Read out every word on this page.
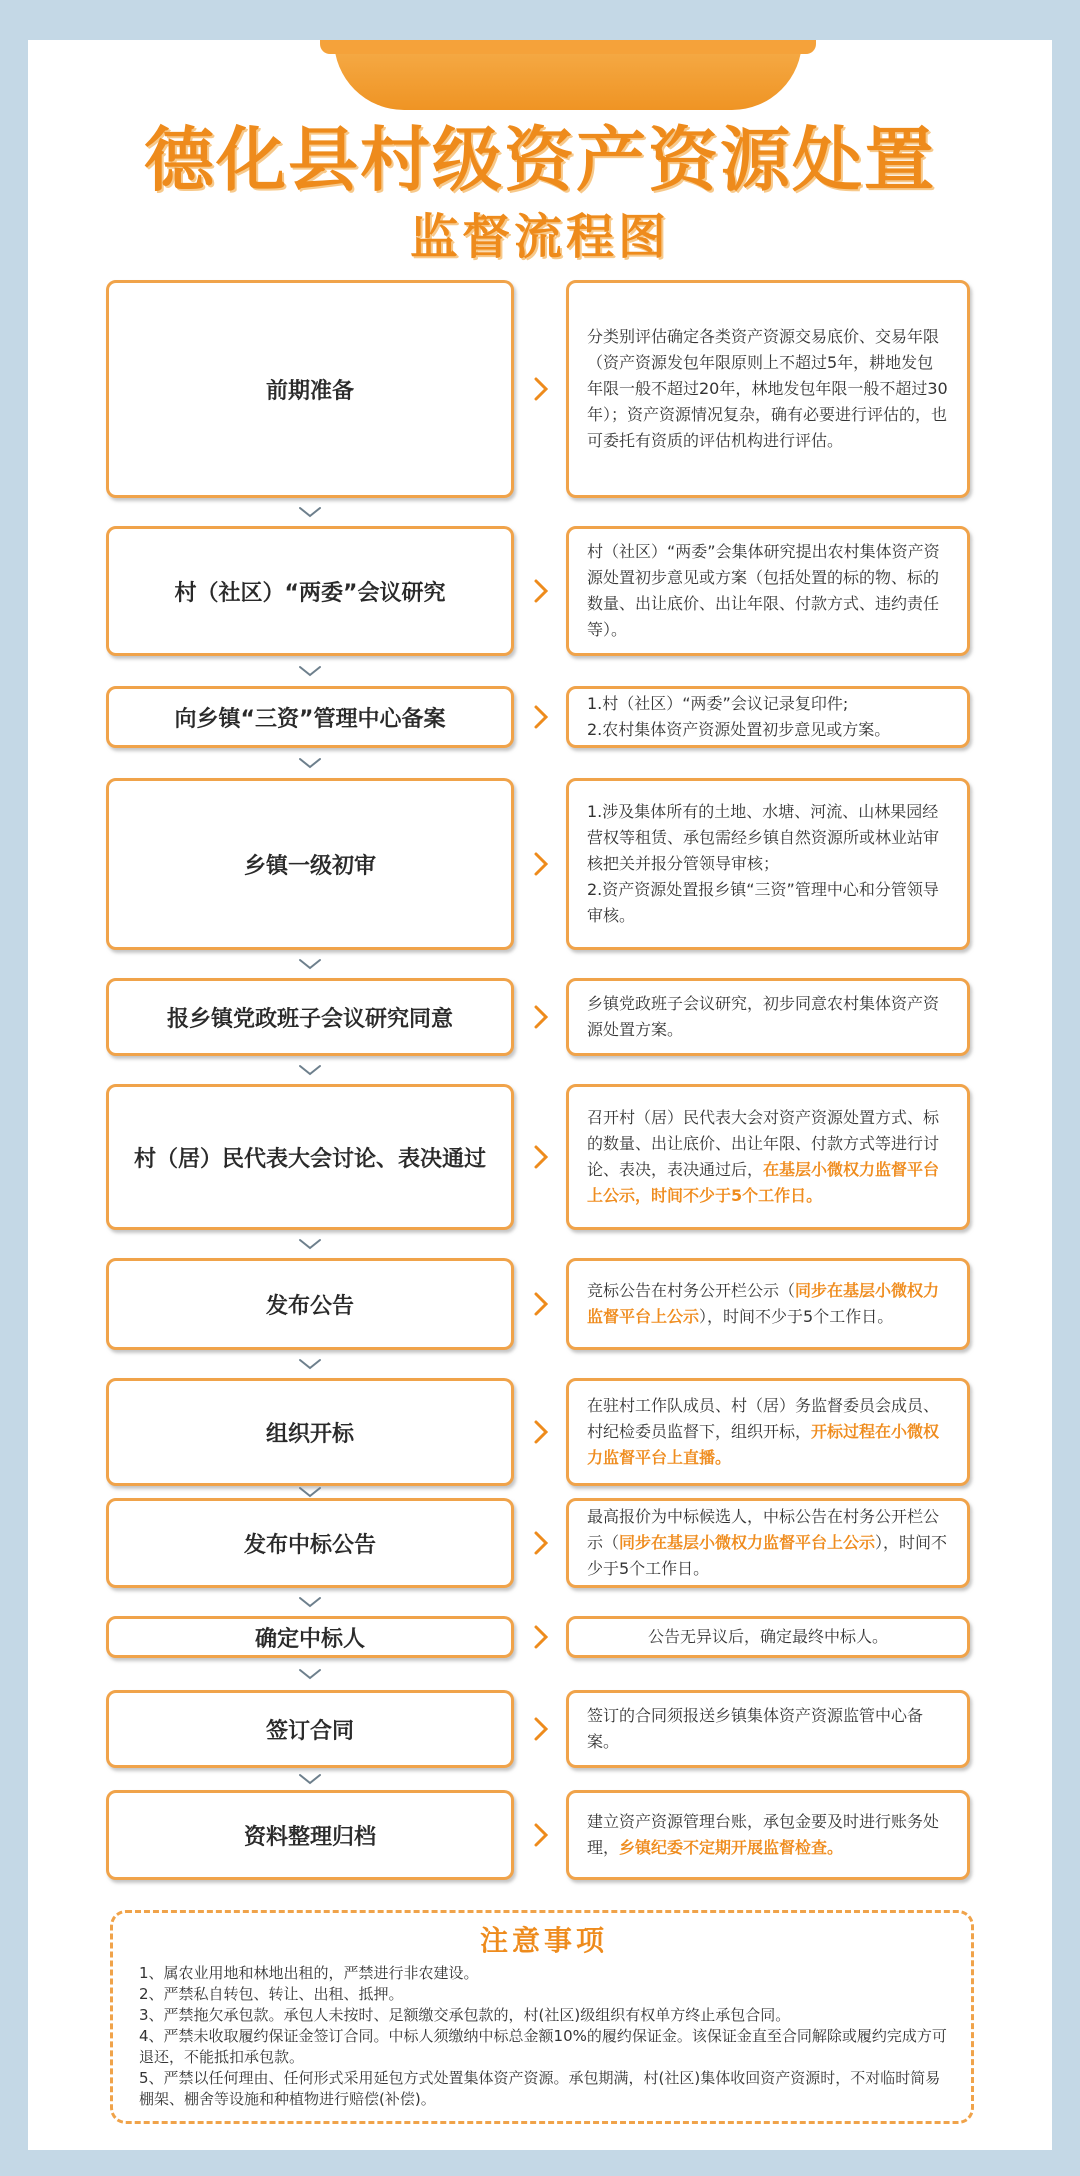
德化县村级资产资源处置
监督流程图
前期准备
分类别评估确定各类资产资源交易底价、交易年限（资产资源发包年限原则上不超过5年，耕地发包年限一般不超过20年，林地发包年限一般不超过30年）；资产资源情况复杂，确有必要进行评估的，也可委托有资质的评估机构进行评估。
村（社区）“两委”会议研究
村（社区）“两委”会集体研究提出农村集体资产资源处置初步意见或方案（包括处置的标的物、标的数量、出让底价、出让年限、付款方式、违约责任等）。
向乡镇“三资”管理中心备案
1.村（社区）“两委”会议记录复印件;
2.农村集体资产资源处置初步意见或方案。
乡镇一级初审
1.涉及集体所有的土地、水塘、河流、山林果园经营权等租赁、承包需经乡镇自然资源所或林业站审核把关并报分管领导审核；
2.资产资源处置报乡镇“三资”管理中心和分管领导审核。
报乡镇党政班子会议研究同意
乡镇党政班子会议研究，初步同意农村集体资产资源处置方案。
村（居）民代表大会讨论、表决通过
召开村（居）民代表大会对资产资源处置方式、标的数量、出让底价、出让年限、付款方式等进行讨论、表决，表决通过后，在基层小微权力监督平台上公示，时间不少于5个工作日。
发布公告
竞标公告在村务公开栏公示（同步在基层小微权力监督平台上公示），时间不少于5个工作日。
组织开标
在驻村工作队成员、村（居）务监督委员会成员、村纪检委员监督下，组织开标，开标过程在小微权力监督平台上直播。
发布中标公告
最高报价为中标候选人，中标公告在村务公开栏公示（同步在基层小微权力监督平台上公示），时间不少于5个工作日。
确定中标人	公告无异议后，确定最终中标人。
签订合同
签订的合同须报送乡镇集体资产资源监管中心备案。
资料整理归档
建立资产资源管理台账，承包金要及时进行账务处理，乡镇纪委不定期开展监督检查。
注意事项
1、属农业用地和林地出租的，严禁进行非农建设。
2、严禁私自转包、转让、出租、抵押。
3、严禁拖欠承包款。承包人未按时、足额缴交承包款的，村(社区)级组织有权单方终止承包合同。
4、严禁未收取履约保证金签订合同。中标人须缴纳中标总金额10%的履约保证金。该保证金直至合同解除或履约完成方可退还，不能抵扣承包款。
5、严禁以任何理由、任何形式采用延包方式处置集体资产资源。承包期满，村(社区)集体收回资产资源时，不对临时简易棚架、棚舍等设施和种植物进行赔偿(补偿)。
